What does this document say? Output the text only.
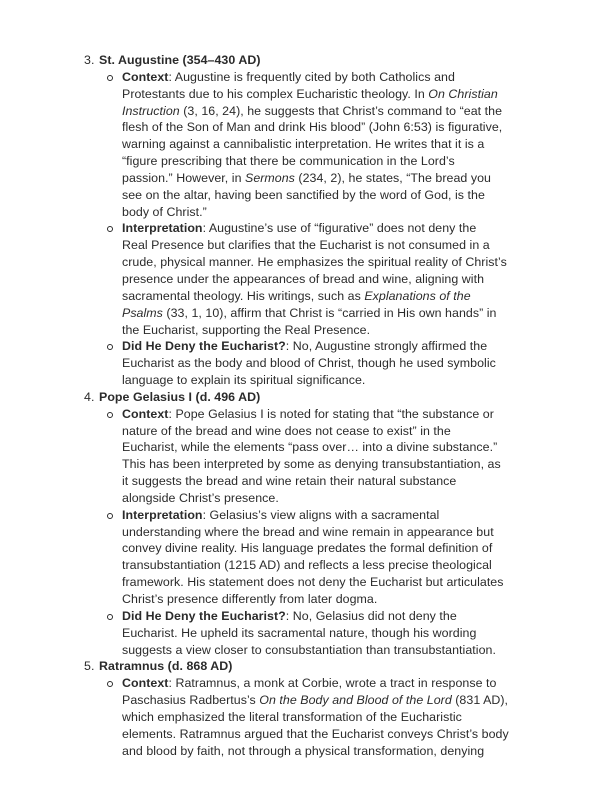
3. St. Augustine (354–430 AD)
Context: Augustine is frequently cited by both Catholics and
Protestants due to his complex Eucharistic theology. In On Christian
Instruction (3, 16, 24), he suggests that Christ’s command to “eat the
flesh of the Son of Man and drink His blood” (John 6:53) is figurative,
warning against a cannibalistic interpretation. He writes that it is a
“figure prescribing that there be communication in the Lord’s
passion.” However, in Sermons (234, 2), he states, “The bread you
see on the altar, having been sanctified by the word of God, is the
body of Christ.”
Interpretation: Augustine’s use of “figurative” does not deny the
Real Presence but clarifies that the Eucharist is not consumed in a
crude, physical manner. He emphasizes the spiritual reality of Christ’s
presence under the appearances of bread and wine, aligning with
sacramental theology. His writings, such as Explanations of the
Psalms (33, 1, 10), affirm that Christ is “carried in His own hands” in
the Eucharist, supporting the Real Presence.
Did He Deny the Eucharist?: No, Augustine strongly affirmed the
Eucharist as the body and blood of Christ, though he used symbolic
language to explain its spiritual significance.
4. Pope Gelasius I (d. 496 AD)
Context: Pope Gelasius I is noted for stating that “the substance or
nature of the bread and wine does not cease to exist” in the
Eucharist, while the elements “pass over… into a divine substance.”
This has been interpreted by some as denying transubstantiation, as
it suggests the bread and wine retain their natural substance
alongside Christ’s presence.
Interpretation: Gelasius’s view aligns with a sacramental
understanding where the bread and wine remain in appearance but
convey divine reality. His language predates the formal definition of
transubstantiation (1215 AD) and reflects a less precise theological
framework. His statement does not deny the Eucharist but articulates
Christ’s presence differently from later dogma.
Did He Deny the Eucharist?: No, Gelasius did not deny the
Eucharist. He upheld its sacramental nature, though his wording
suggests a view closer to consubstantiation than transubstantiation.
5. Ratramnus (d. 868 AD)
Context: Ratramnus, a monk at Corbie, wrote a tract in response to
Paschasius Radbertus’s On the Body and Blood of the Lord (831 AD),
which emphasized the literal transformation of the Eucharistic
elements. Ratramnus argued that the Eucharist conveys Christ’s body
and blood by faith, not through a physical transformation, denying
